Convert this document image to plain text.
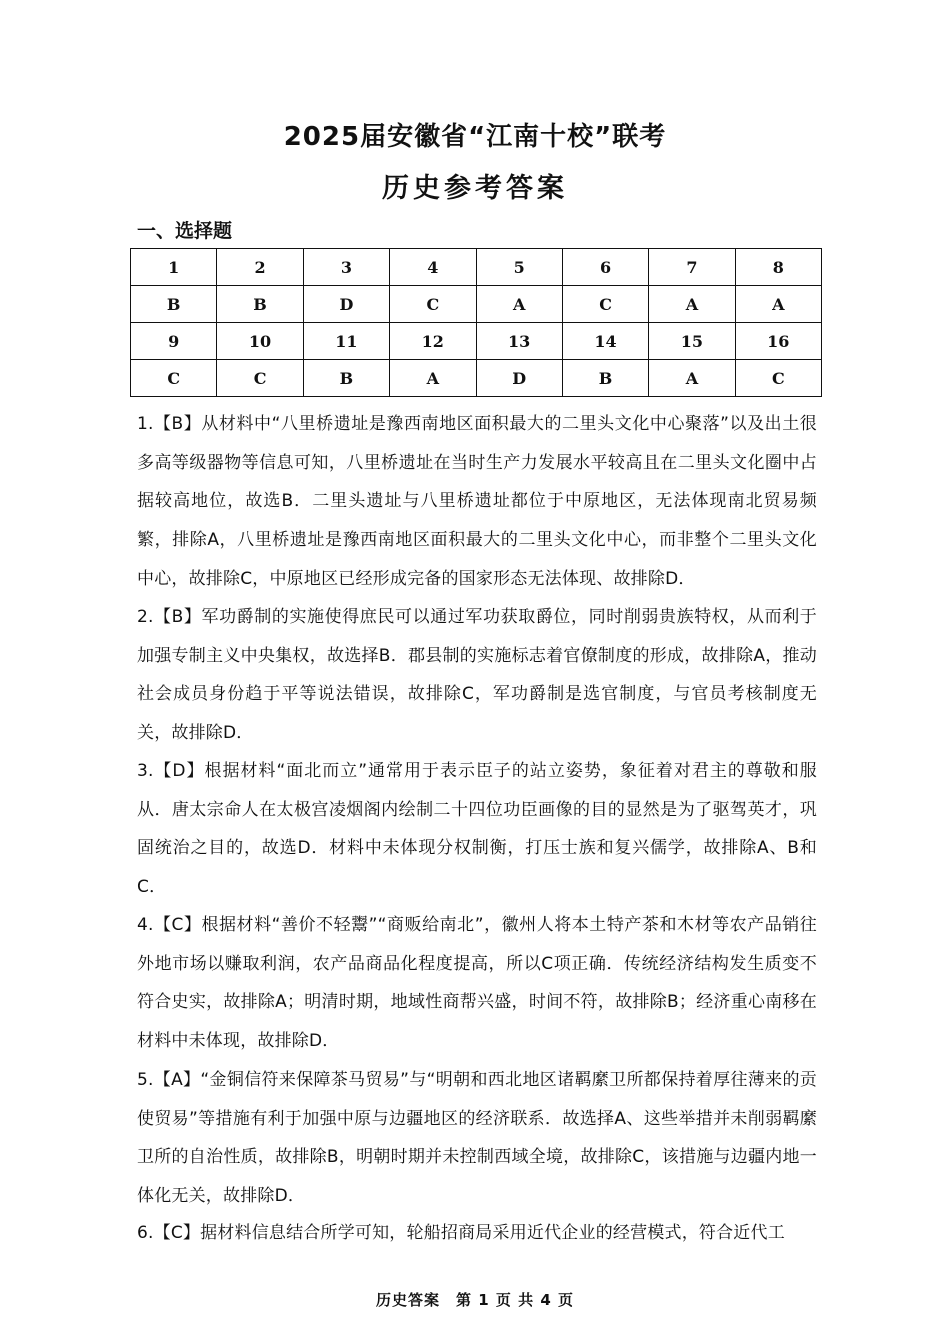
2025届安徽省“江南十校”联考
历史参考答案
一、选择题
1	2	3	4	5	6	7	8
B	B	D	C	A	C	A	A
9	10	11	12	13	14	15	16
C	C	B	A	D	B	A	C
1.【B】从材料中“八里桥遗址是豫西南地区面积最大的二里头文化中心聚落”以及出土很多高等级器物等信息可知，八里桥遗址在当时生产力发展水平较高且在二里头文化圈中占据较高地位，故选B．二里头遗址与八里桥遗址都位于中原地区，无法体现南北贸易频繁，排除A，八里桥遗址是豫西南地区面积最大的二里头文化中心，而非整个二里头文化中心，故排除C，中原地区已经形成完备的国家形态无法体现、故排除D．
2.【B】军功爵制的实施使得庶民可以通过军功获取爵位，同时削弱贵族特权，从而利于加强专制主义中央集权，故选择B．郡县制的实施标志着官僚制度的形成，故排除A，推动社会成员身份趋于平等说法错误，故排除C，军功爵制是选官制度，与官员考核制度无关，故排除D．
3.【D】根据材料“面北而立”通常用于表示臣子的站立姿势，象征着对君主的尊敬和服从．唐太宗命人在太极宫凌烟阁内绘制二十四位功臣画像的目的显然是为了驱驾英才，巩固统治之目的，故选D．材料中未体现分权制衡，打压士族和复兴儒学，故排除A、B和C．
4.【C】根据材料“善价不轻鬻”“商贩给南北”，徽州人将本土特产茶和木材等农产品销往外地市场以赚取利润，农产品商品化程度提高，所以C项正确．传统经济结构发生质变不符合史实，故排除A；明清时期，地域性商帮兴盛，时间不符，故排除B；经济重心南移在材料中未体现，故排除D．
5.【A】“金铜信符来保障茶马贸易”与“明朝和西北地区诸羁縻卫所都保持着厚往薄来的贡使贸易”等措施有利于加强中原与边疆地区的经济联系．故选择A、这些举措并未削弱羁縻卫所的自治性质，故排除B，明朝时期并未控制西域全境，故排除C，该措施与边疆内地一体化无关，故排除D．
6.【C】据材料信息结合所学可知，轮船招商局采用近代企业的经营模式，符合近代工
历史答案　第 1 页 共 4 页
